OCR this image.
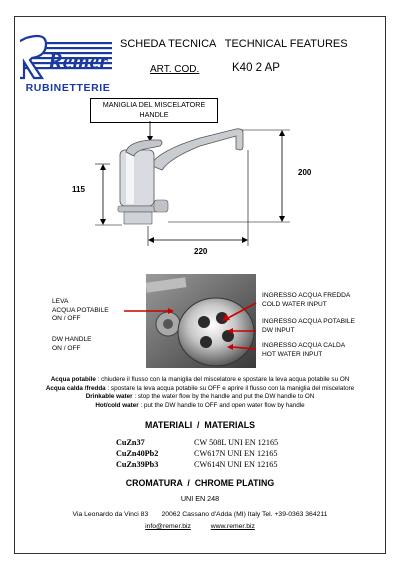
Remer
RUBINETTERIE
SCHEDA TECNICA   TECHNICAL FEATURES
ART. COD.	K40 2 AP
MANIGLIA DEL MISCELATORE
HANDLE
115
200
220
LEVA
ACQUA POTABILE
ON / OFF
DW HANDLE
ON / OFF
INGRESSO ACQUA FREDDA
COLD WATER INPUT
INGRESSO ACQUA POTABILE
DW INPUT
INGRESSO ACQUA CALDA
HOT WATER INPUT
Acqua potabile : chiudere il flusso con la maniglia del miscelatore e spostare la leva acqua potabile su ON
Acqua calda /fredda : spostare la leva acqua potabile su OFF e aprire il flusso con la maniglia del miscelatore
Drinkable water : stop the water flow by the handle and put the DW handle to ON
Hot/cold water : put the DW handle to OFF and open water flow by handle
MATERIALI  /  MATERIALS
CuZn37	CW 508L UNI EN 12165
CuZn40Pb2	CW617N UNI EN 12165
CuZn39Pb3	CW614N UNI EN 12165
CROMATURA  /  CHROME PLATING
UNI EN 248
Via Leonardo da Vinci 83       20062 Cassano d'Adda (MI) Italy Tel. +39-0363 364211
info@remer.biz	www.remer.biz
